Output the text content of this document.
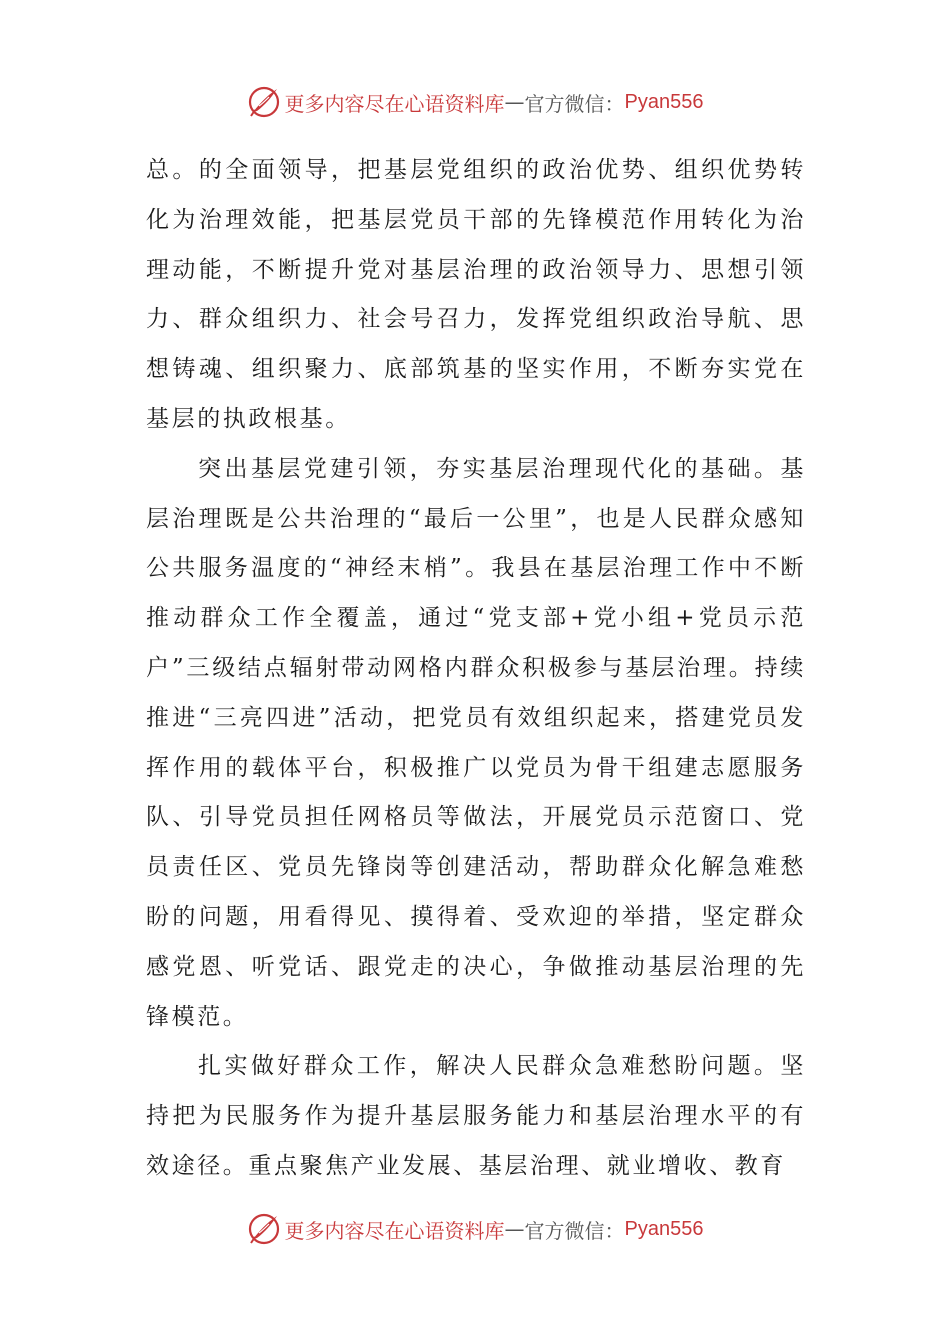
更多内容尽在心语资料库 — 官方微信： Pyan556

总。的全面领导，把基层党组织的政治优势、组织优势转化为治理效能，把基层党员干部的先锋模范作用转化为治理动能，不断提升党对基层治理的政治领导力、思想引领力、群众组织力、社会号召力，发挥党组织政治导航、思想铸魂、组织聚力、底部筑基的坚实作用，不断夯实党在基层的执政根基。

突出基层党建引领，夯实基层治理现代化的基础。基层治理既是公共治理的“最后一公里”，也是人民群众感知公共服务温度的“神经末梢”。我县在基层治理工作中不断推动群众工作全覆盖，通过“党支部+党小组+党员示范户”三级结点辐射带动网格内群众积极参与基层治理。持续推进“三亮四进”活动，把党员有效组织起来，搭建党员发挥作用的载体平台，积极推广以党员为骨干组建志愿服务队、引导党员担任网格员等做法，开展党员示范窗口、党员责任区、党员先锋岗等创建活动，帮助群众化解急难愁盼的问题，用看得见、摸得着、受欢迎的举措，坚定群众感党恩、听党话、跟党走的决心，争做推动基层治理的先锋模范。

扎实做好群众工作，解决人民群众急难愁盼问题。坚持把为民服务作为提升基层服务能力和基层治理水平的有效途径。重点聚焦产业发展、基层治理、就业增收、教育

更多内容尽在心语资料库 — 官方微信： Pyan556
